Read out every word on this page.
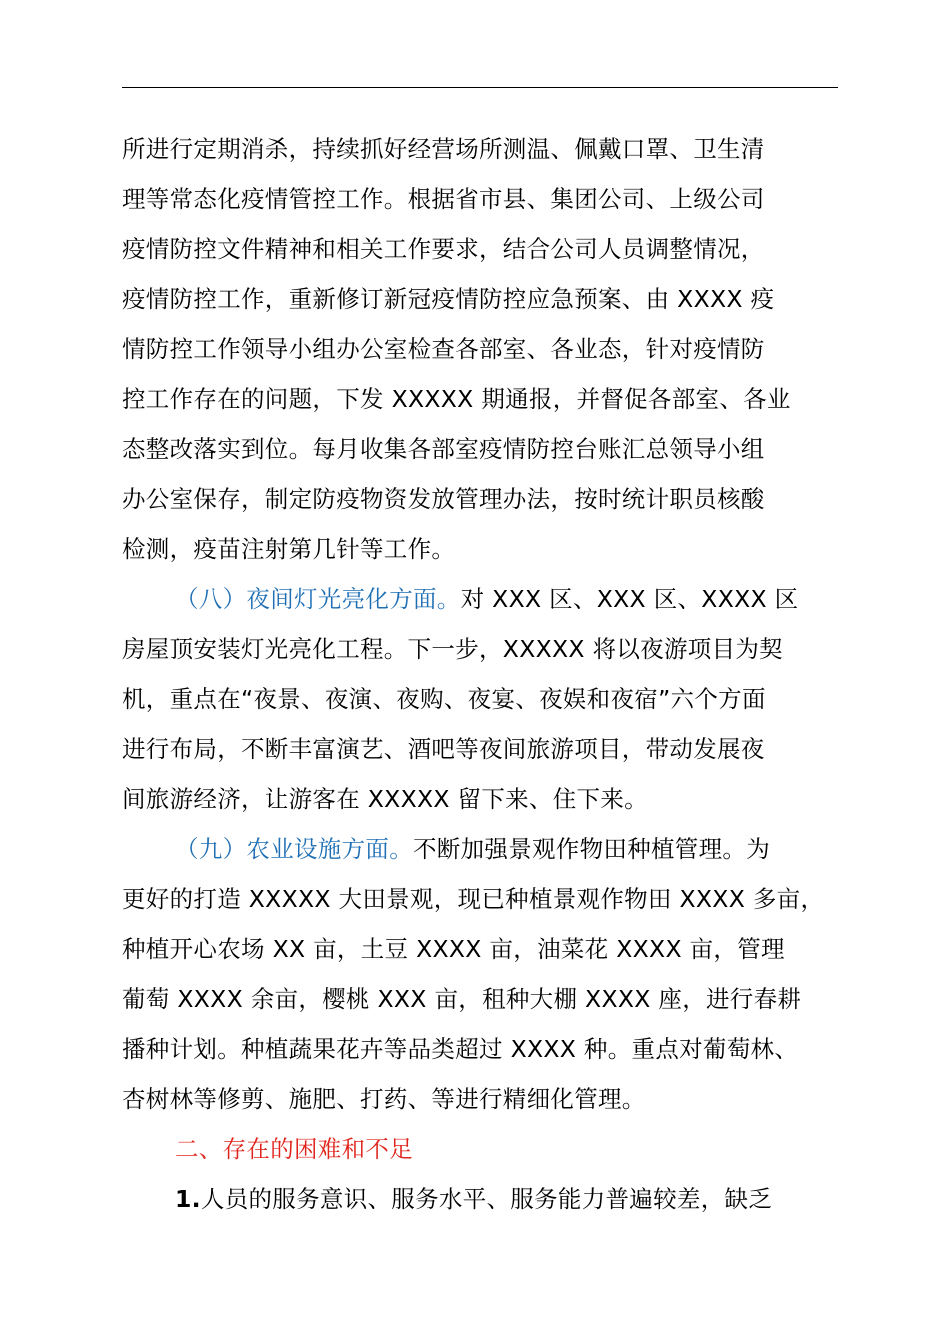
所进行定期消杀，持续抓好经营场所测温、佩戴口罩、卫生清
理等常态化疫情管控工作。根据省市县、集团公司、上级公司
疫情防控文件精神和相关工作要求，结合公司人员调整情况，
疫情防控工作，重新修订新冠疫情防控应急预案、由 XXXX 疫
情防控工作领导小组办公室检查各部室、各业态，针对疫情防
控工作存在的问题，下发 XXXXX 期通报，并督促各部室、各业
态整改落实到位。每月收集各部室疫情防控台账汇总领导小组
办公室保存，制定防疫物资发放管理办法，按时统计职员核酸
检测，疫苗注射第几针等工作。
（八）夜间灯光亮化方面。对 XXX 区、XXX 区、XXXX 区
房屋顶安装灯光亮化工程。下一步，XXXXX 将以夜游项目为契
机，重点在“夜景、夜演、夜购、夜宴、夜娱和夜宿”六个方面
进行布局，不断丰富演艺、酒吧等夜间旅游项目，带动发展夜
间旅游经济，让游客在 XXXXX 留下来、住下来。
（九）农业设施方面。不断加强景观作物田种植管理。为
更好的打造 XXXXX 大田景观，现已种植景观作物田 XXXX 多亩，
种植开心农场 XX 亩，土豆 XXXX 亩，油菜花 XXXX 亩，管理
葡萄 XXXX 余亩，樱桃 XXX 亩，租种大棚 XXXX 座，进行春耕
播种计划。种植蔬果花卉等品类超过 XXXX 种。重点对葡萄林、
杏树林等修剪、施肥、打药、等进行精细化管理。
二、存在的困难和不足
1.人员的服务意识、服务水平、服务能力普遍较差，缺乏
